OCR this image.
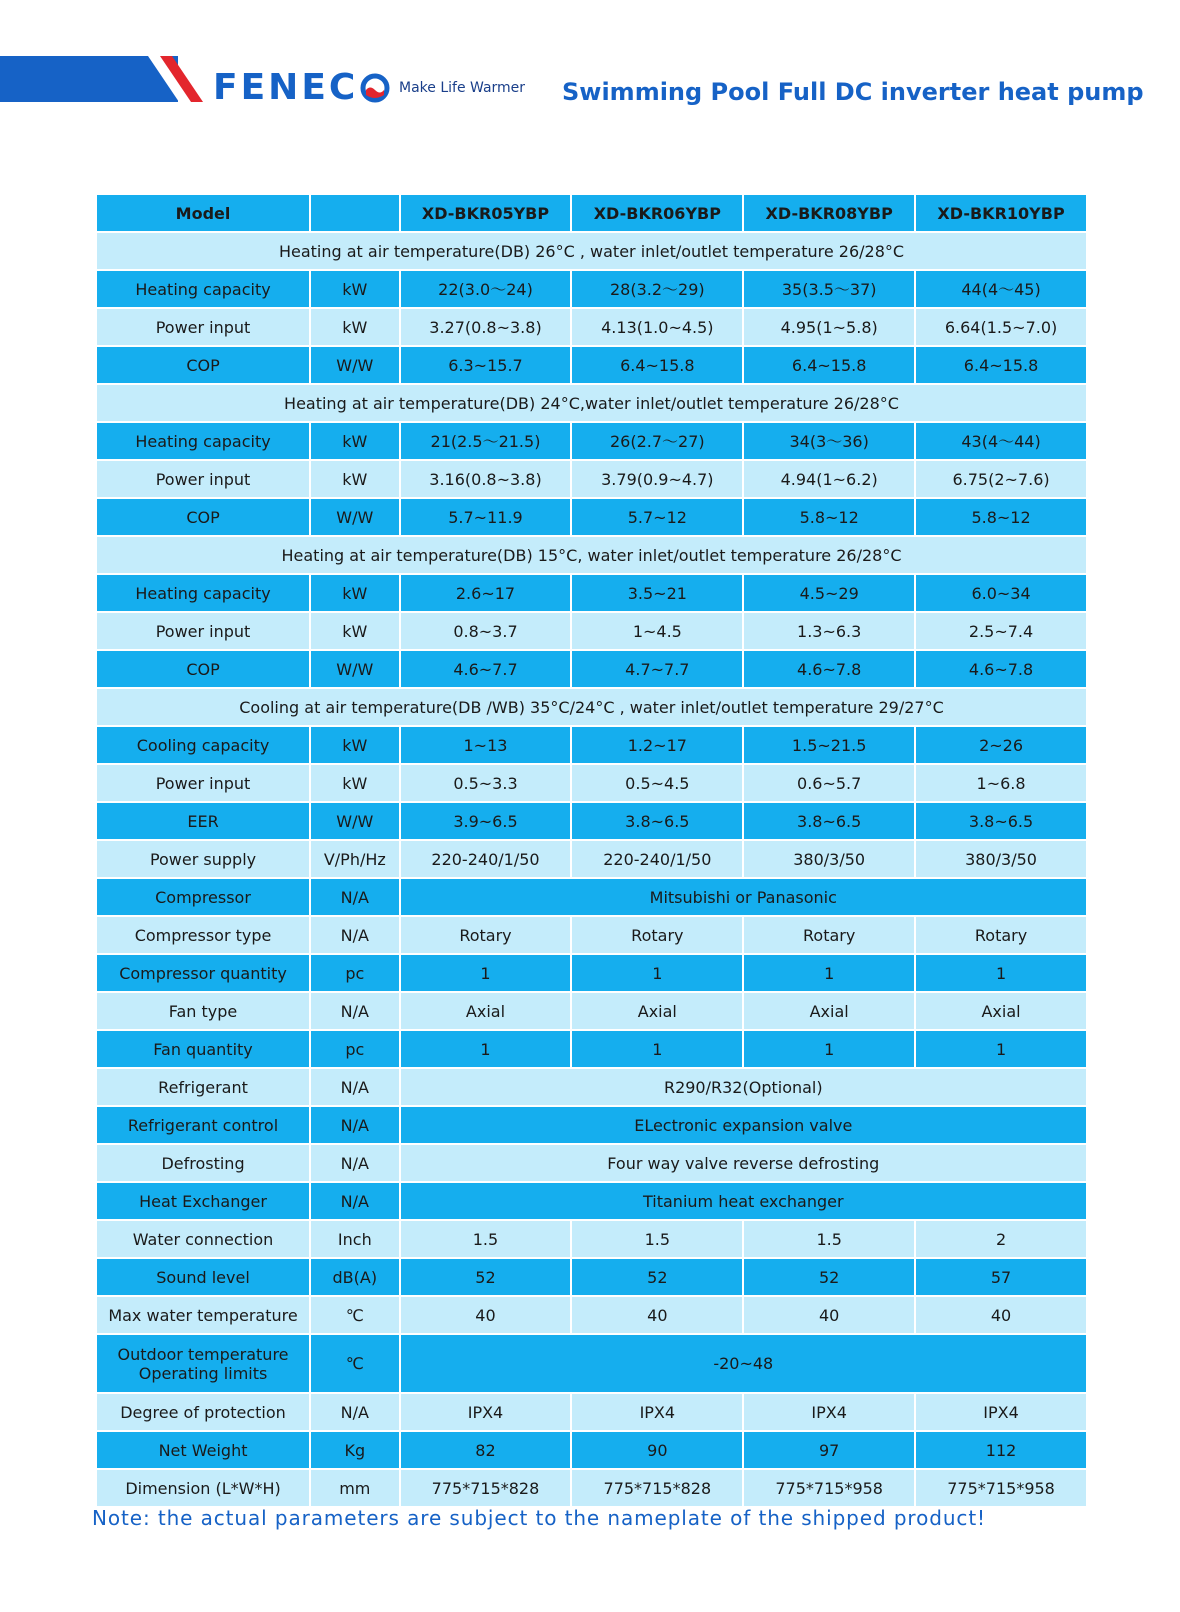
FENEC	Make Life Warmer Swimming Pool Full DC inverter heat pump
Model		XD-BKR05YBP	XD-BKR06YBP	XD-BKR08YBP	XD-BKR10YBP
Heating at air temperature(DB) 26°C , water inlet/outlet temperature 26/28°C					
Heating capacity	kW	22(3.0～24)	28(3.2～29)	35(3.5～37)	44(4～45)
Power input	kW	3.27(0.8~3.8)	4.13(1.0~4.5)	4.95(1~5.8)	6.64(1.5~7.0)
COP	W/W	6.3~15.7	6.4~15.8	6.4~15.8	6.4~15.8
Heating at air temperature(DB) 24°C,water inlet/outlet temperature 26/28°C					
Heating capacity	kW	21(2.5～21.5)	26(2.7～27)	34(3～36)	43(4～44)
Power input	kW	3.16(0.8~3.8)	3.79(0.9~4.7)	4.94(1~6.2)	6.75(2~7.6)
COP	W/W	5.7~11.9	5.7~12	5.8~12	5.8~12
Heating at air temperature(DB) 15°C, water inlet/outlet temperature 26/28°C					
Heating capacity	kW	2.6~17	3.5~21	4.5~29	6.0~34
Power input	kW	0.8~3.7	1~4.5	1.3~6.3	2.5~7.4
COP	W/W	4.6~7.7	4.7~7.7	4.6~7.8	4.6~7.8
Cooling at air temperature(DB /WB) 35°C/24°C , water inlet/outlet temperature 29/27°C					
Cooling capacity	kW	1~13	1.2~17	1.5~21.5	2~26
Power input	kW	0.5~3.3	0.5~4.5	0.6~5.7	1~6.8
EER	W/W	3.9~6.5	3.8~6.5	3.8~6.5	3.8~6.5
Power supply	V/Ph/Hz	220-240/1/50	220-240/1/50	380/3/50	380/3/50
Compressor	N/A	Mitsubishi or Panasonic			
Compressor type	N/A	Rotary	Rotary	Rotary	Rotary
Compressor quantity	pc	1	1	1	1
Fan type	N/A	Axial	Axial	Axial	Axial
Fan quantity	pc	1	1	1	1
Refrigerant	N/A	R290/R32(Optional)			
Refrigerant control	N/A	ELectronic expansion valve			
Defrosting	N/A	Four way valve reverse defrosting			
Heat Exchanger	N/A	Titanium heat exchanger			
Water connection	Inch	1.5	1.5	1.5	2
Sound level	dB(A)	52	52	52	57
Max water temperature	℃	40	40	40	40
Outdoor temperature
Operating limits	℃	-20~48			
Degree of protection	N/A	IPX4	IPX4	IPX4	IPX4
Net Weight	Kg	82	90	97	112
Dimension (L*W*H)	mm	775*715*828	775*715*828	775*715*958	775*715*958
Note: the actual parameters are subject to the nameplate of the shipped product!
